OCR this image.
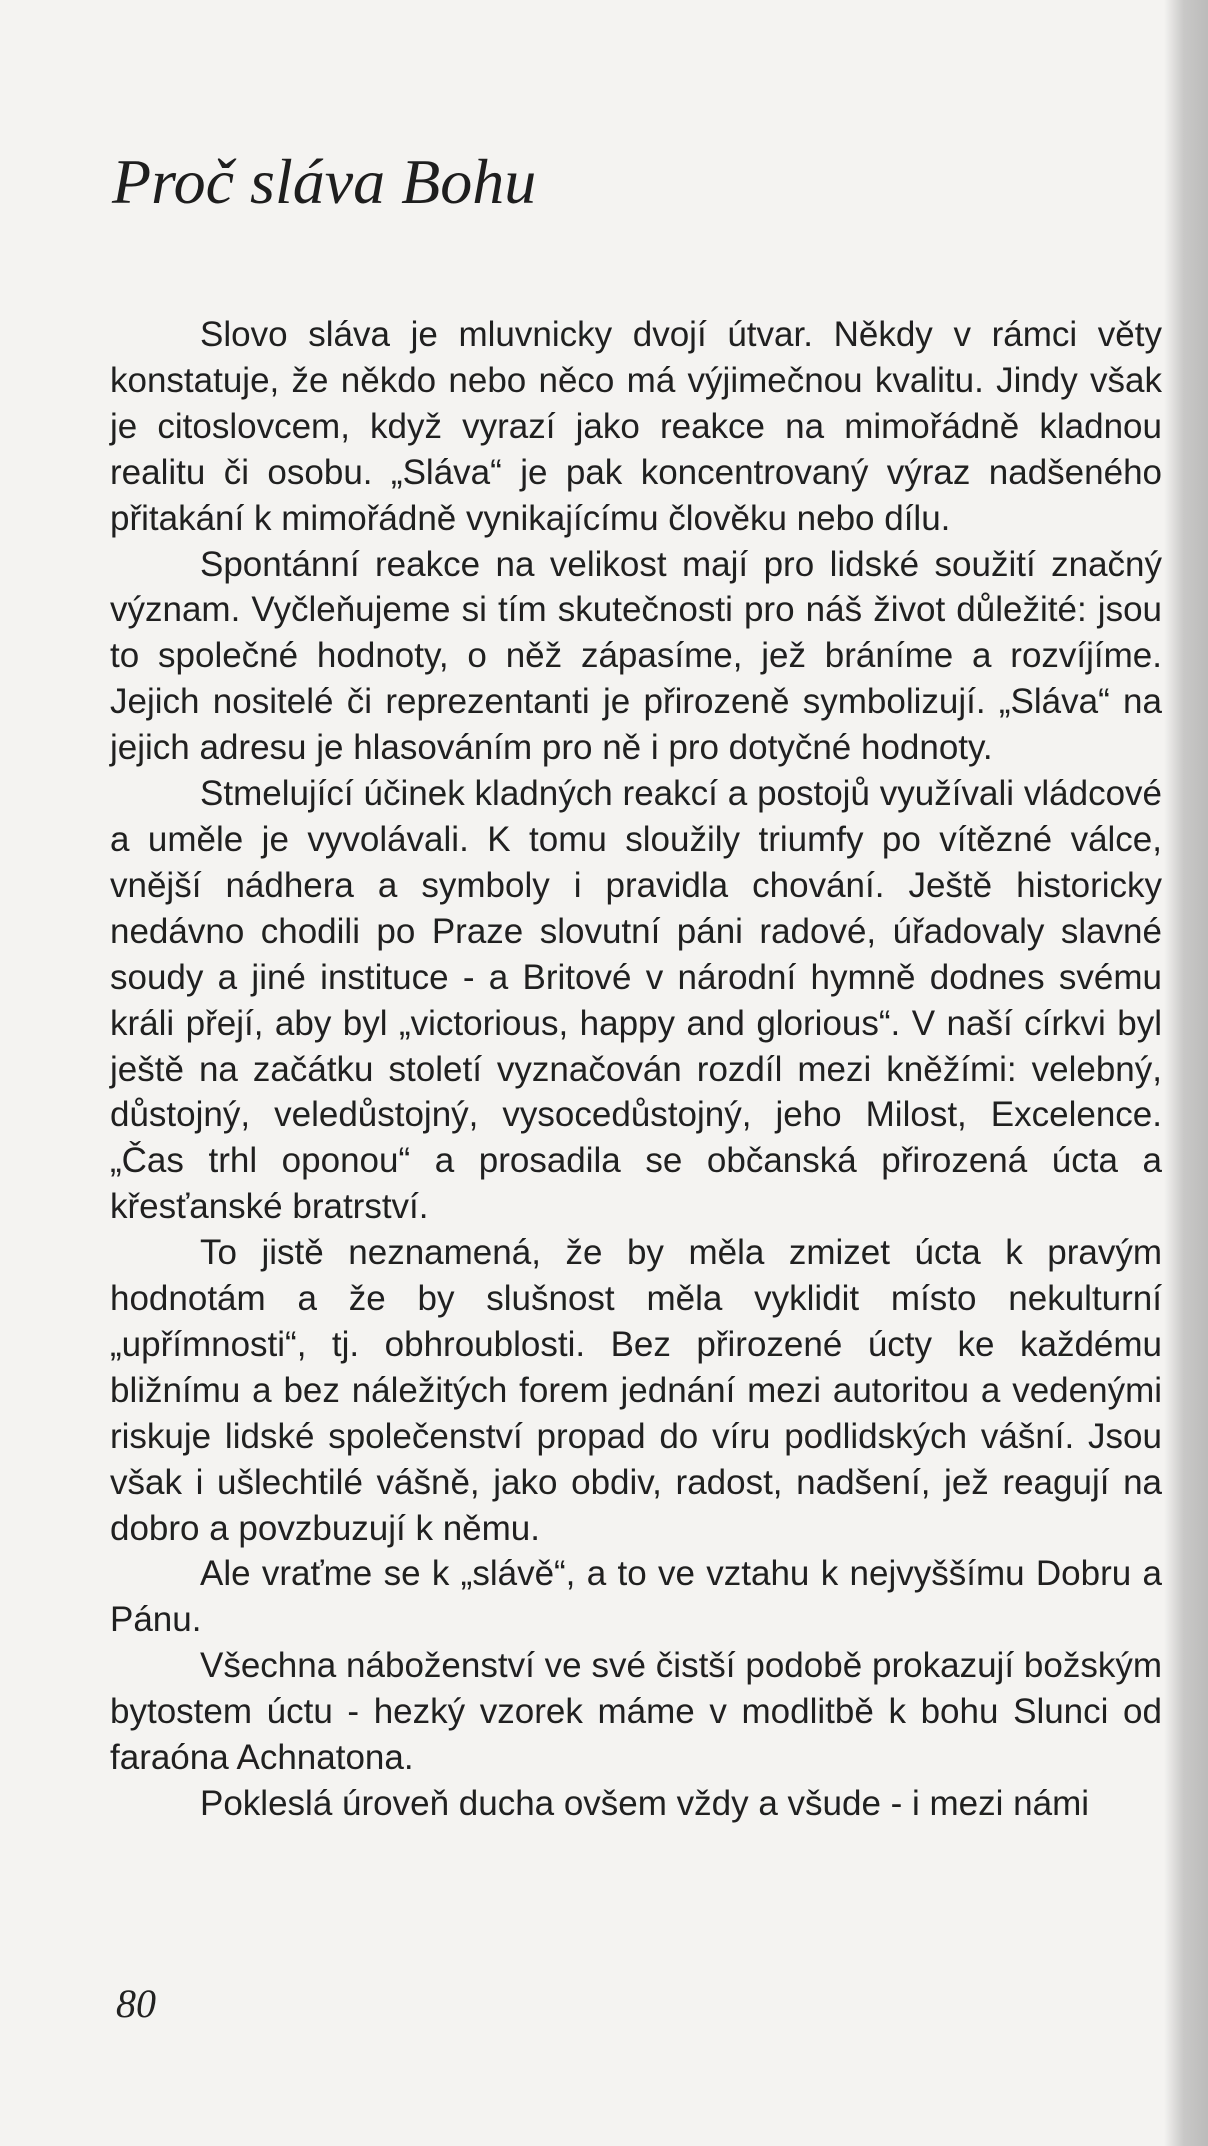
Proč sláva Bohu

Slovo sláva je mluvnicky dvojí útvar. Někdy v rámci věty konstatuje, že někdo nebo něco má výjimečnou kvalitu. Jindy však je citoslovcem, když vyrazí jako reakce na mimořádně kladnou realitu či osobu. „Sláva“ je pak koncentrovaný výraz nadšeného přitakání k mimořádně vynikajícímu člověku nebo dílu.

Spontánní reakce na velikost mají pro lidské soužití značný význam. Vyčleňujeme si tím skutečnosti pro náš život důležité: jsou to společné hodnoty, o něž zápasíme, jež bráníme a rozvíjíme. Jejich nositelé či reprezentanti je přirozeně symbolizují. „Sláva“ na jejich adresu je hlasováním pro ně i pro dotyčné hodnoty.

Stmelující účinek kladných reakcí a postojů využívali vládcové a uměle je vyvolávali. K tomu sloužily triumfy po vítězné válce, vnější nádhera a symboly i pravidla chování. Ještě historicky nedávno chodili po Praze slovutní páni radové, úřadovaly slavné soudy a jiné instituce - a Britové v národní hymně dodnes svému králi přejí, aby byl „victorious, happy and glorious“. V naší církvi byl ještě na začátku století vyznačován rozdíl mezi kněžími: velebný, důstojný, veledůstojný, vysocedůstojný, jeho Milost, Excelence. „Čas trhl oponou“ a prosadila se občanská přirozená úcta a křesťanské bratrství.

To jistě neznamená, že by měla zmizet úcta k pravým hodnotám a že by slušnost měla vyklidit místo nekulturní „upřímnosti“, tj. obhroublosti. Bez přirozené úcty ke každému bližnímu a bez náležitých forem jednání mezi autoritou a vedenými riskuje lidské společenství propad do víru podlidských vášní. Jsou však i ušlechtilé vášně, jako obdiv, radost, nadšení, jež reagují na dobro a povzbuzují k němu.

Ale vraťme se k „slávě“, a to ve vztahu k nejvyššímu Dobru a Pánu.

Všechna náboženství ve své čistší podobě prokazují božským bytostem úctu - hezký vzorek máme v modlitbě k bohu Slunci od faraóna Achnatona.

Pokleslá úroveň ducha ovšem vždy a všude - i mezi námi

80
